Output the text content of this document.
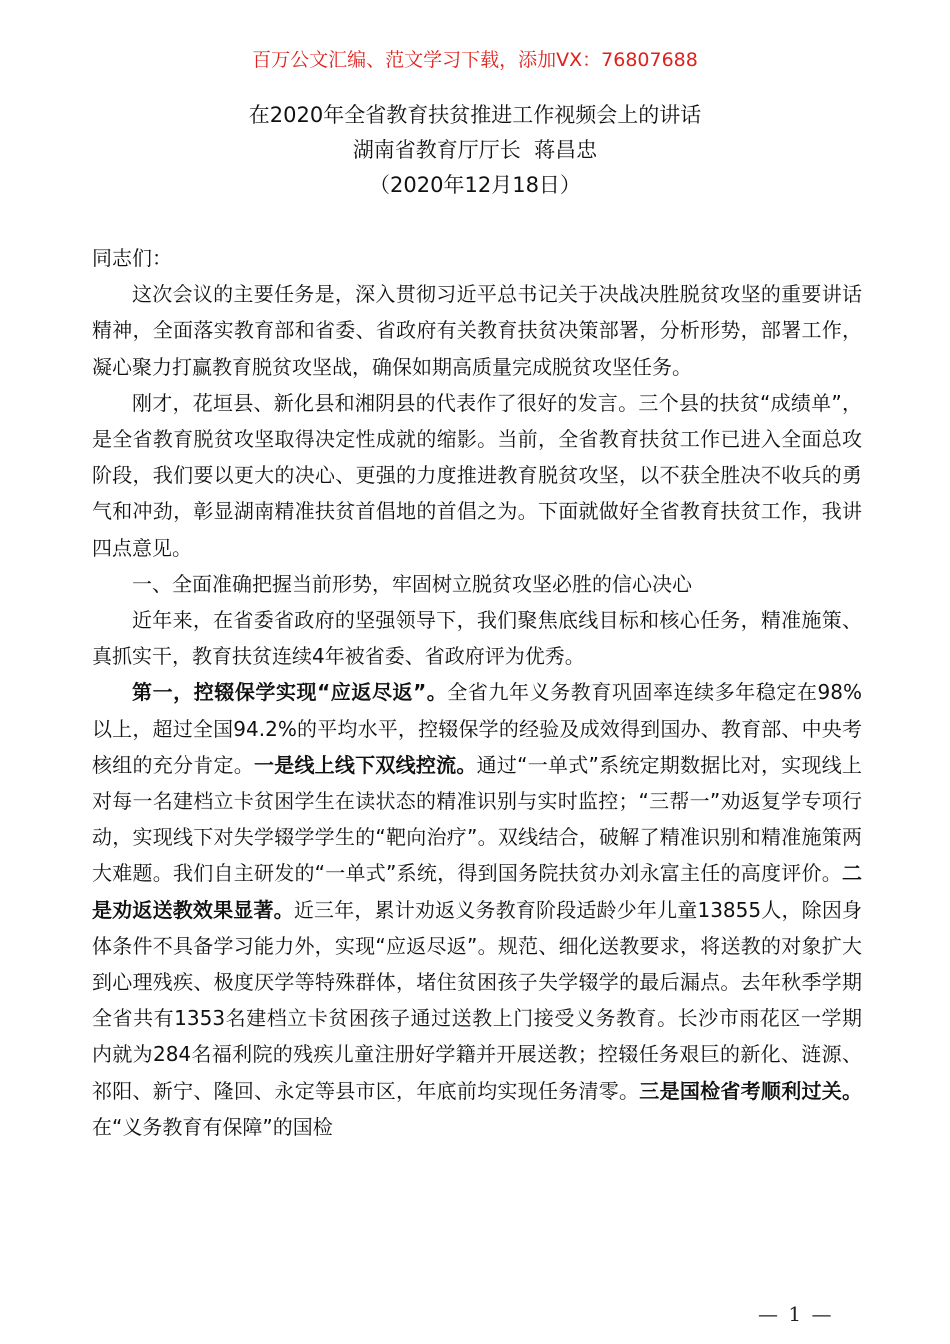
百万公文汇编、范文学习下载，添加VX：76807688
在2020年全省教育扶贫推进工作视频会上的讲话
湖南省教育厅厅长  蒋昌忠
（2020年12月18日）

同志们：

这次会议的主要任务是，深入贯彻习近平总书记关于决战决胜脱贫攻坚的重要讲话精神，全面落实教育部和省委、省政府有关教育扶贫决策部署，分析形势，部署工作，凝心聚力打赢教育脱贫攻坚战，确保如期高质量完成脱贫攻坚任务。

刚才，花垣县、新化县和湘阴县的代表作了很好的发言。三个县的扶贫“成绩单”，是全省教育脱贫攻坚取得决定性成就的缩影。当前，全省教育扶贫工作已进入全面总攻阶段，我们要以更大的决心、更强的力度推进教育脱贫攻坚，以不获全胜决不收兵的勇气和冲劲，彰显湖南精准扶贫首倡地的首倡之为。下面就做好全省教育扶贫工作，我讲四点意见。

一、全面准确把握当前形势，牢固树立脱贫攻坚必胜的信心决心

近年来，在省委省政府的坚强领导下，我们聚焦底线目标和核心任务，精准施策、真抓实干，教育扶贫连续4年被省委、省政府评为优秀。

第一，控辍保学实现“应返尽返”。全省九年义务教育巩固率连续多年稳定在98%以上，超过全国94.2%的平均水平，控辍保学的经验及成效得到国办、教育部、中央考核组的充分肯定。一是线上线下双线控流。通过“一单式”系统定期数据比对，实现线上对每一名建档立卡贫困学生在读状态的精准识别与实时监控；“三帮一”劝返复学专项行动，实现线下对失学辍学学生的“靶向治疗”。双线结合，破解了精准识别和精准施策两大难题。我们自主研发的“一单式”系统，得到国务院扶贫办刘永富主任的高度评价。二是劝返送教效果显著。近三年，累计劝返义务教育阶段适龄少年儿童13855人，除因身体条件不具备学习能力外，实现“应返尽返”。规范、细化送教要求，将送教的对象扩大到心理残疾、极度厌学等特殊群体，堵住贫困孩子失学辍学的最后漏点。去年秋季学期全省共有1353名建档立卡贫困孩子通过送教上门接受义务教育。长沙市雨花区一学期内就为284名福利院的残疾儿童注册好学籍并开展送教；控辍任务艰巨的新化、涟源、祁阳、新宁、隆回、永定等县市区，年底前均实现任务清零。三是国检省考顺利过关。在“义务教育有保障”的国检

— 1 —
